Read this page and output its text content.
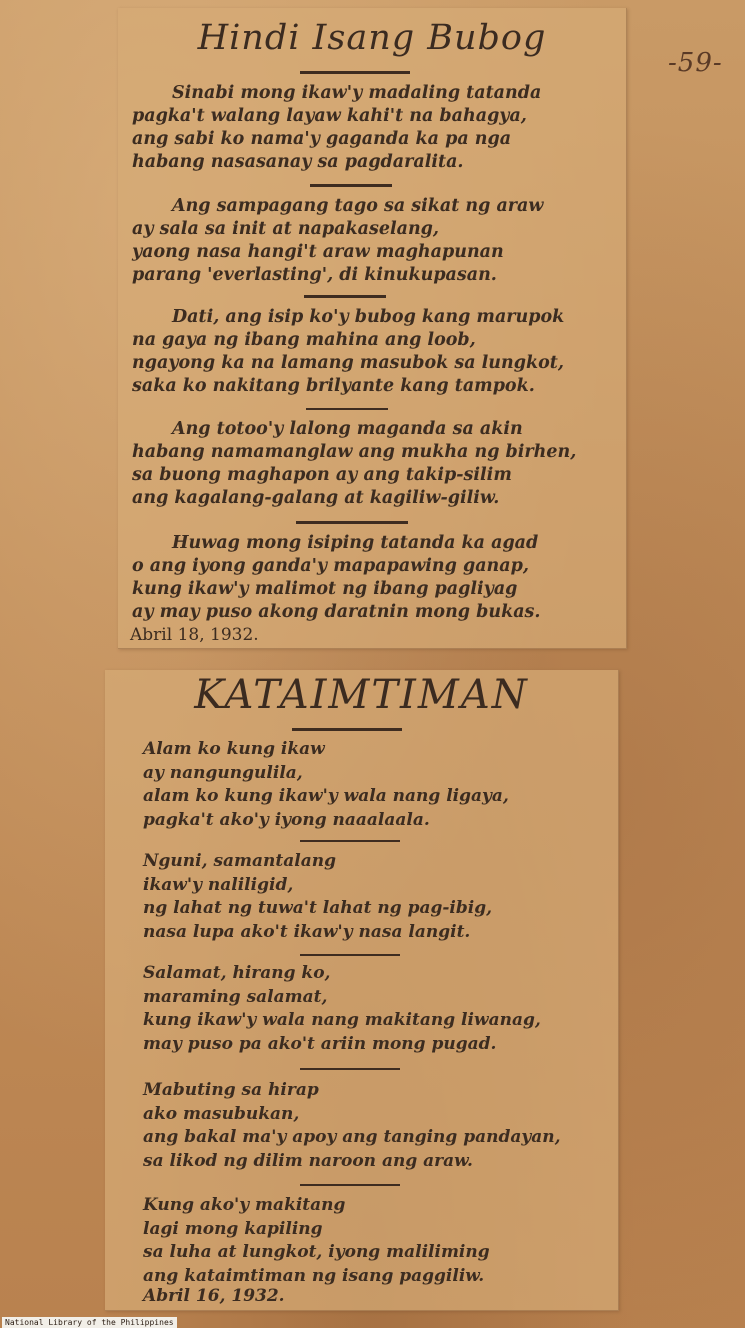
-59-
Hindi Isang Bubog

Sinabi mong ikaw'y madaling tatanda
pagka't walang layaw kahi't na bahagya,
ang sabi ko nama'y gaganda ka pa nga
habang nasasanay sa pagdaralita.

Ang sampagang tago sa sikat ng araw
ay sala sa init at napakaselang,
yaong nasa hangi't araw maghapunan
parang 'everlasting', di kinukupasan.

Dati, ang isip ko'y bubog kang marupok
na gaya ng ibang mahina ang loob,
ngayong ka na lamang masubok sa lungkot,
saka ko nakitang brilyante kang tampok.

Ang totoo'y lalong maganda sa akin
habang namamanglaw ang mukha ng birhen,
sa buong maghapon ay ang takip-silim
ang kagalang-galang at kagiliw-giliw.

Huwag mong isiping tatanda ka agad
o ang iyong ganda'y mapapawing ganap,
kung ikaw'y malimot ng ibang pagliyag
ay may puso akong daratnin mong bukas.

Abril 18, 1932.
KATAIMTIMAN

Alam ko kung ikaw
ay nangungulila,
alam ko kung ikaw'y wala nang ligaya,
pagka't ako'y iyong naaalaala.

Nguni, samantalang
ikaw'y naliligid,
ng lahat ng tuwa't lahat ng pag-ibig,
nasa lupa ako't ikaw'y nasa langit.

Salamat, hirang ko,
maraming salamat,
kung ikaw'y wala nang makitang liwanag,
may puso pa ako't ariin mong pugad.

Mabuting sa hirap
ako masubukan,
ang bakal ma'y apoy ang tanging pandayan,
sa likod ng dilim naroon ang araw.

Kung ako'y makitang
lagi mong kapiling
sa luha at lungkot, iyong maliliming
ang kataimtiman ng isang paggiliw.

Abril 16, 1932.
National Library of the Philippines
